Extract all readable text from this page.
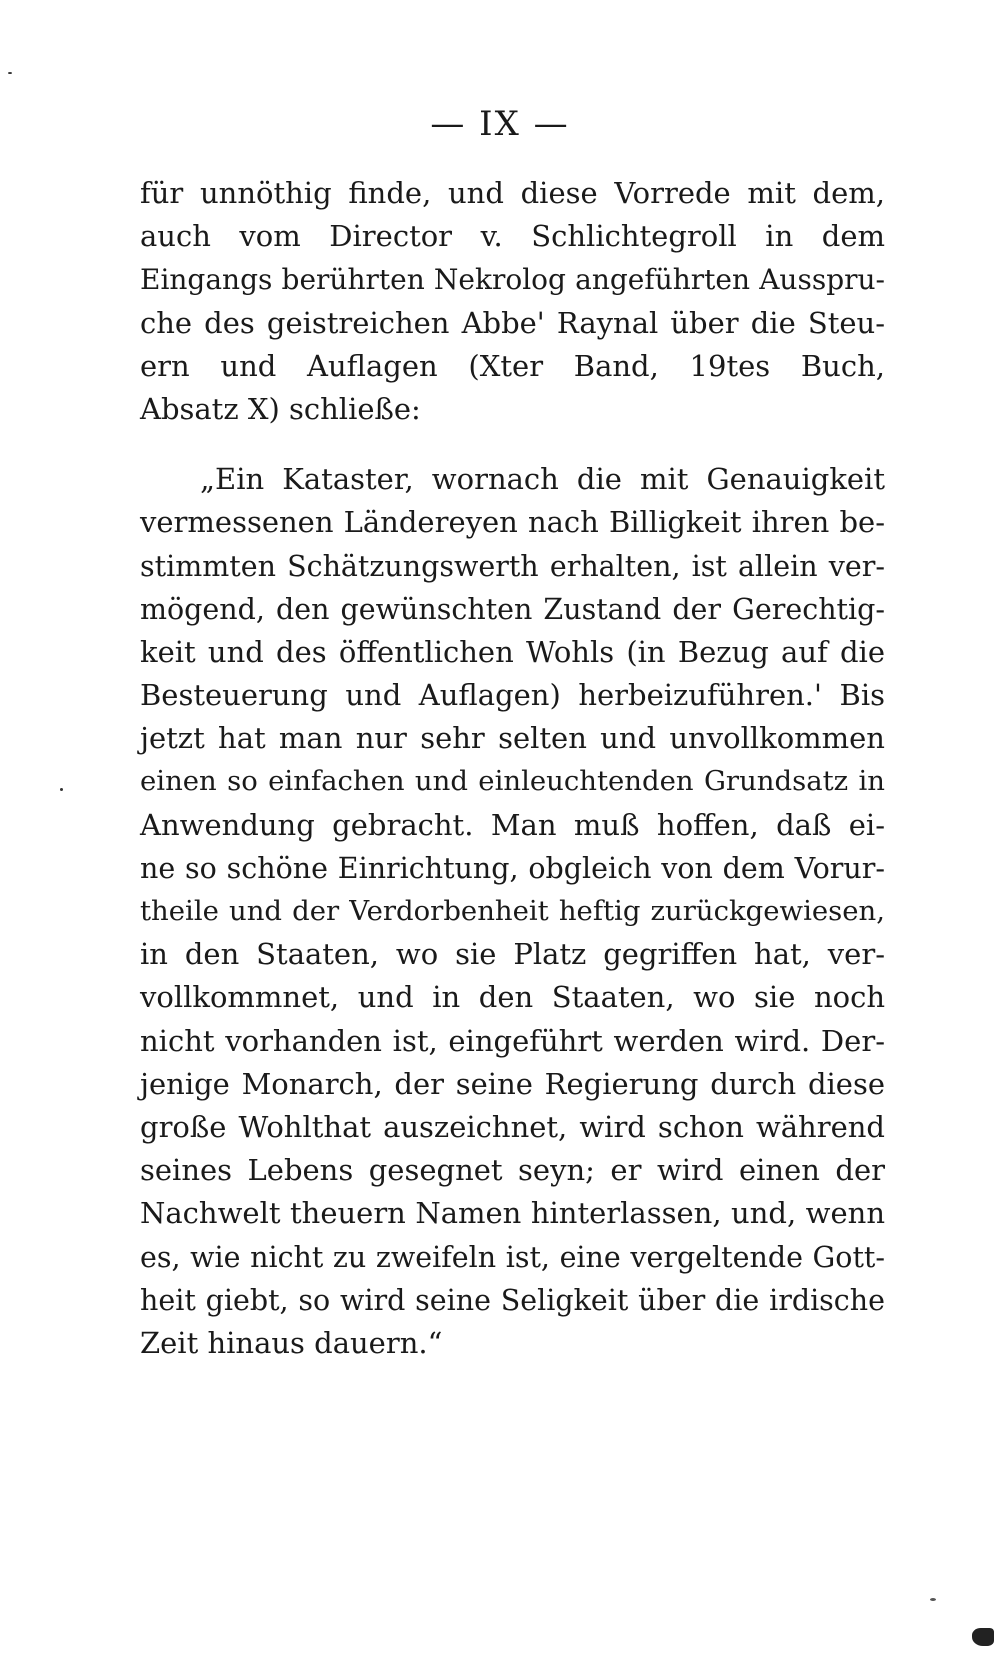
— IX —
für unnöthig finde, und diese Vorrede mit dem,
auch vom Director v. Schlichtegroll in dem
Eingangs berührten Nekrolog angeführten Ausspru-
che des geistreichen Abbe' Raynal über die Steu-
ern und Auflagen (Xter Band, 19tes Buch,
Absatz X) schließe:
„Ein Kataster, wornach die mit Genauigkeit
vermessenen Ländereyen nach Billigkeit ihren be-
stimmten Schätzungswerth erhalten, ist allein ver-
mögend, den gewünschten Zustand der Gerechtig-
keit und des öffentlichen Wohls (in Bezug auf die
Besteuerung und Auflagen) herbeizuführen.' Bis
jetzt hat man nur sehr selten und unvollkommen
einen so einfachen und einleuchtenden Grundsatz in
Anwendung gebracht. Man muß hoffen, daß ei-
ne so schöne Einrichtung, obgleich von dem Vorur-
theile und der Verdorbenheit heftig zurückgewiesen,
in den Staaten, wo sie Platz gegriffen hat, ver-
vollkommnet, und in den Staaten, wo sie noch
nicht vorhanden ist, eingeführt werden wird. Der-
jenige Monarch, der seine Regierung durch diese
große Wohlthat auszeichnet, wird schon während
seines Lebens gesegnet seyn; er wird einen der
Nachwelt theuern Namen hinterlassen, und, wenn
es, wie nicht zu zweifeln ist, eine vergeltende Gott-
heit giebt, so wird seine Seligkeit über die irdische
Zeit hinaus dauern.“
